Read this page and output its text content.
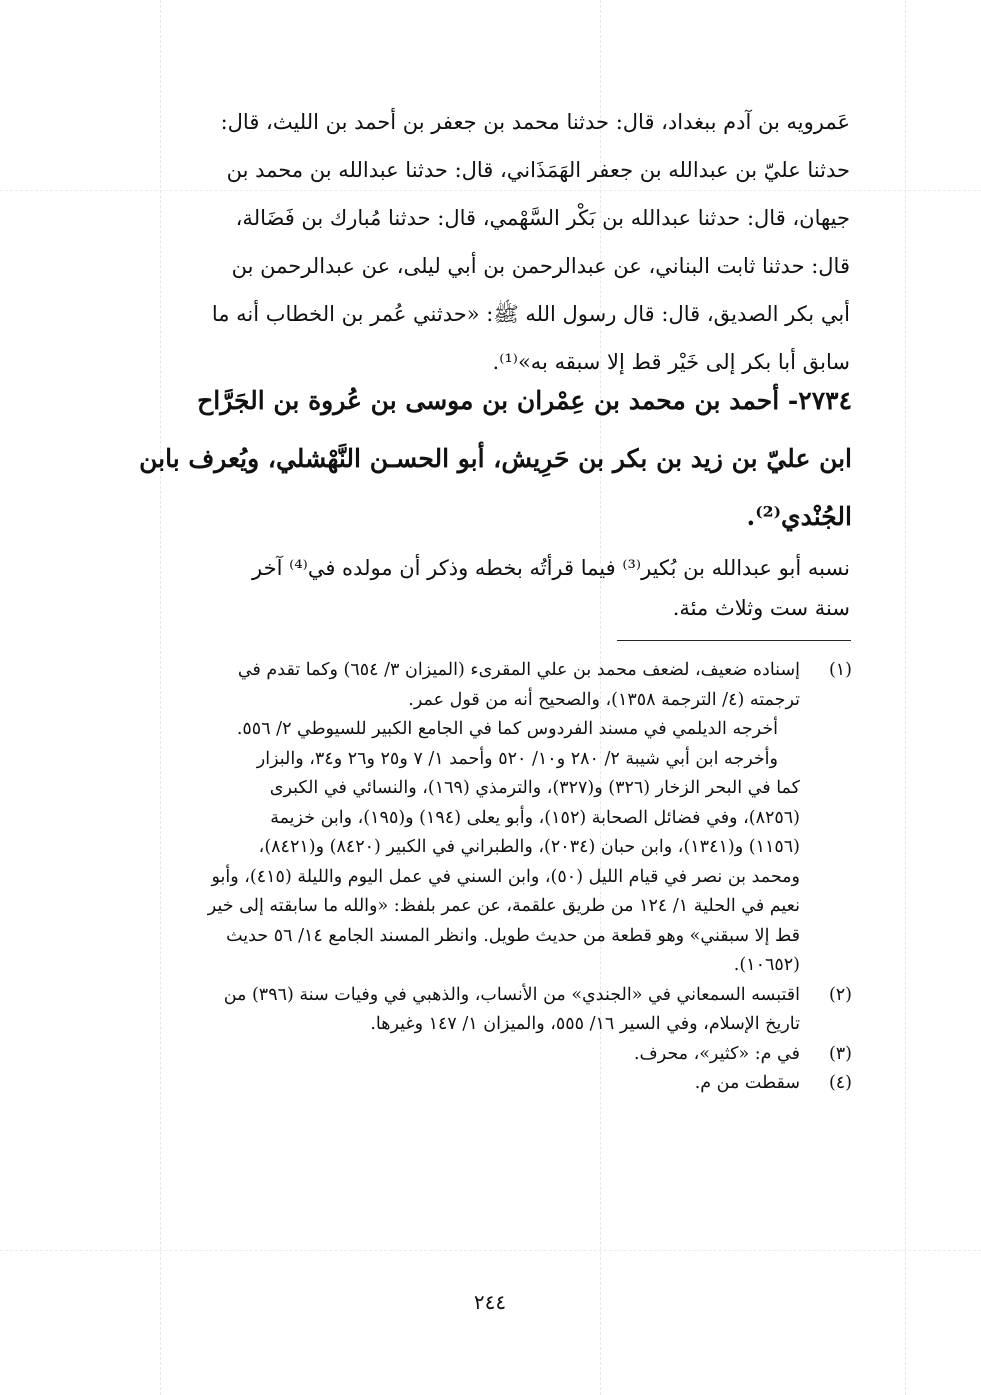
عَمرويه بن آدم ببغداد، قال: حدثنا محمد بن جعفر بن أحمد بن الليث، قال:
حدثنا عليّ بن عبدالله بن جعفر الهَمَذَاني، قال: حدثنا عبدالله بن محمد بن
جيهان، قال: حدثنا عبدالله بن بَكْر السَّهْمي، قال: حدثنا مُبارك بن فَضَالة،
قال: حدثنا ثابت البناني، عن عبدالرحمن بن أبي ليلى، عن عبدالرحمن بن
أبي بكر الصديق، قال: قال رسول الله ﷺ: «حدثني عُمر بن الخطاب أنه ما
سابق أبا بكر إلى خَيْر قط إلا سبقه به»⁽¹⁾.
٢٧٣٤- أحمد بن محمد بن عِمْران بن موسى بن عُروة بن الجَرَّاح
ابن عليّ بن زيد بن بكر بن حَرِيش، أبو الحسـن النَّهْشلي، ويُعرف بابن
الجُنْدي⁽²⁾.
نسبه أبو عبدالله بن بُكير⁽³⁾ فيما قرأتُه بخطه وذكر أن مولده في⁽⁴⁾ آخر
سنة ست وثلاث مئة.
(١)
إسناده ضعيف، لضعف محمد بن علي المقرىء (الميزان ٣/ ٦٥٤) وكما تقدم في
ترجمته (٤/ الترجمة ١٣٥٨)، والصحيح أنه من قول عمر.
أخرجه الديلمي في مسند الفردوس كما في الجامع الكبير للسيوطي ٢/ ٥٥٦.
وأخرجه ابن أبي شيبة ٢/ ٢٨٠ و١٠/ ٥٢٠ وأحمد ١/ ٧ و٢٥ و٢٦ و٣٤، والبزار
كما في البحر الزخار (٣٢٦) و(٣٢٧)، والترمذي (١٦٩)، والنسائي في الكبرى
(٨٢٥٦)، وفي فضائل الصحابة (١٥٢)، وأبو يعلى (١٩٤) و(١٩٥)، وابن خزيمة
(١١٥٦) و(١٣٤١)، وابن حبان (٢٠٣٤)، والطبراني في الكبير (٨٤٢٠) و(٨٤٢١)،
ومحمد بن نصر في قيام الليل (٥٠)، وابن السني في عمل اليوم والليلة (٤١٥)، وأبو
نعيم في الحلية ١/ ١٢٤ من طريق علقمة، عن عمر بلفظ: «والله ما سابقته إلى خير
قط إلا سبقني» وهو قطعة من حديث طويل. وانظر المسند الجامع ١٤/ ٥٦ حديث
(١٠٦٥٢).
(٢)
اقتبسه السمعاني في «الجندي» من الأنساب، والذهبي في وفيات سنة (٣٩٦) من
تاريخ الإسلام، وفي السير ١٦/ ٥٥٥، والميزان ١/ ١٤٧ وغيرها.
(٣)
في م: «كثير»، محرف.
(٤)
سقطت من م.
٢٤٤
